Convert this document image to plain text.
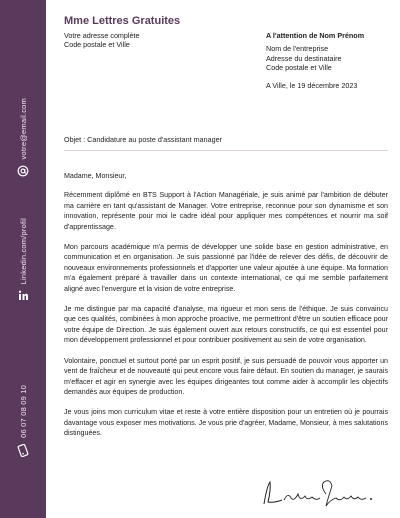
votre@email.com
Linkedin.com/profil
06 07 08 09 10
Mme Lettres Gratuites
Votre adresse complète
Code postale et Ville
A l'attention de Nom Prénom
Nom de l'entreprise
Adresse du destinataire
Code postale et Ville
A Ville, le 19 décembre 2023
Objet : Candidature au poste d'assistant manager

Madame, Monsieur,

Récemment diplômé en BTS Support à l'Action Managériale, je suis animé par l'ambition de débuter ma carrière en tant qu'assistant de Manager. Votre entreprise, reconnue pour son dynamisme et son innovation, représente pour moi le cadre idéal pour appliquer mes compétences et nourrir ma soif d'apprentissage.

Mon parcours académique m'a permis de développer une solide base en gestion administrative, en communication et en organisation. Je suis passionné par l'idée de relever des défis, de découvrir de nouveaux environnements professionnels et d'apporter une valeur ajoutée à une équipe. Ma formation m'a également préparé à travailler dans un contexte international, ce qui me semble parfaitement aligné avec l'envergure et la vision de votre entreprise.

Je me distingue par ma capacité d'analyse, ma rigueur et mon sens de l'éthique. Je suis convaincu que ces qualités, combinées à mon approche proactive, me permettront d'être un soutien efficace pour votre équipe de Direction. Je suis également ouvert aux retours constructifs, ce qui est essentiel pour mon développement professionnel et pour contribuer positivement au sein de votre organisation.

Volontaire, ponctuel et surtout porté par un esprit positif, je suis persuadé de pouvoir vous apporter un vent de fraîcheur et de nouveauté qui peut encore vous faire défaut. En soutien du manager, je saurais m'effacer et agir en synergie avec les équipes dirigeantes tout comme aider à accomplir les objectifs demandés aux équipes de production.

Je vous joins mon curriculum vitae et reste à votre entière disposition pour un entretien où je pourrais davantage vous exposer mes motivations. Je vous prie d'agréer, Madame, Monsieur, à mes salutations distinguées.
